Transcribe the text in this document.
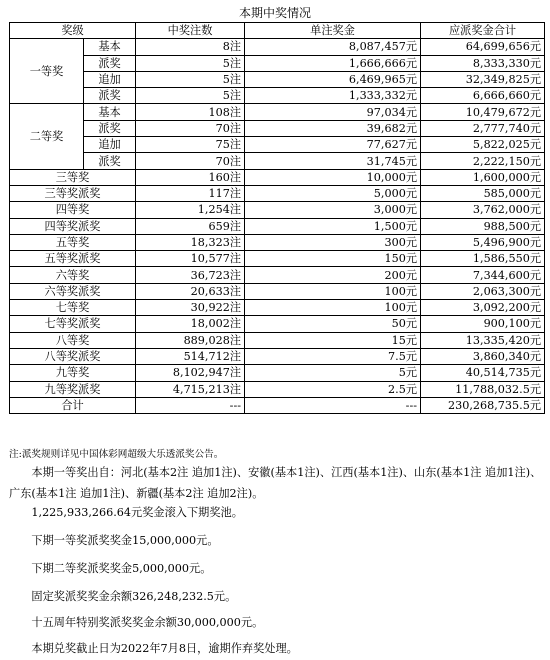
本期中奖情况
奖级		中奖注数	单注奖金	应派奖金合计
一等奖	基本	8注	8,087,457元	64,699,656元
	派奖	5注	1,666,666元	8,333,330元
	追加	5注	6,469,965元	32,349,825元
	派奖	5注	1,333,332元	6,666,660元
二等奖	基本	108注	97,034元	10,479,672元
	派奖	70注	39,682元	2,777,740元
	追加	75注	77,627元	5,822,025元
	派奖	70注	31,745元	2,222,150元
三等奖		160注	10,000元	1,600,000元
三等奖派奖		117注	5,000元	585,000元
四等奖		1,254注	3,000元	3,762,000元
四等奖派奖		659注	1,500元	988,500元
五等奖		18,323注	300元	5,496,900元
五等奖派奖		10,577注	150元	1,586,550元
六等奖		36,723注	200元	7,344,600元
六等奖派奖		20,633注	100元	2,063,300元
七等奖		30,922注	100元	3,092,200元
七等奖派奖		18,002注	50元	900,100元
八等奖		889,028注	15元	13,335,420元
八等奖派奖		514,712注	7.5元	3,860,340元
九等奖		8,102,947注	5元	40,514,735元
九等奖派奖		4,715,213注	2.5元	11,788,032.5元
合计		---	---	230,268,735.5元
注:派奖规则详见中国体彩网超级大乐透派奖公告。
本期一等奖出自：河北(基本2注 追加1注)、安徽(基本1注)、江西(基本1注)、山东(基本1注 追加1注)、广东(基本1注 追加1注)、新疆(基本2注 追加2注)。
1,225,933,266.64元奖金滚入下期奖池。
下期一等奖派奖奖金15,000,000元。
下期二等奖派奖奖金5,000,000元。
固定奖派奖奖金余额326,248,232.5元。
十五周年特别奖派奖奖金余额30,000,000元。
本期兑奖截止日为2022年7月8日，逾期作弃奖处理。
